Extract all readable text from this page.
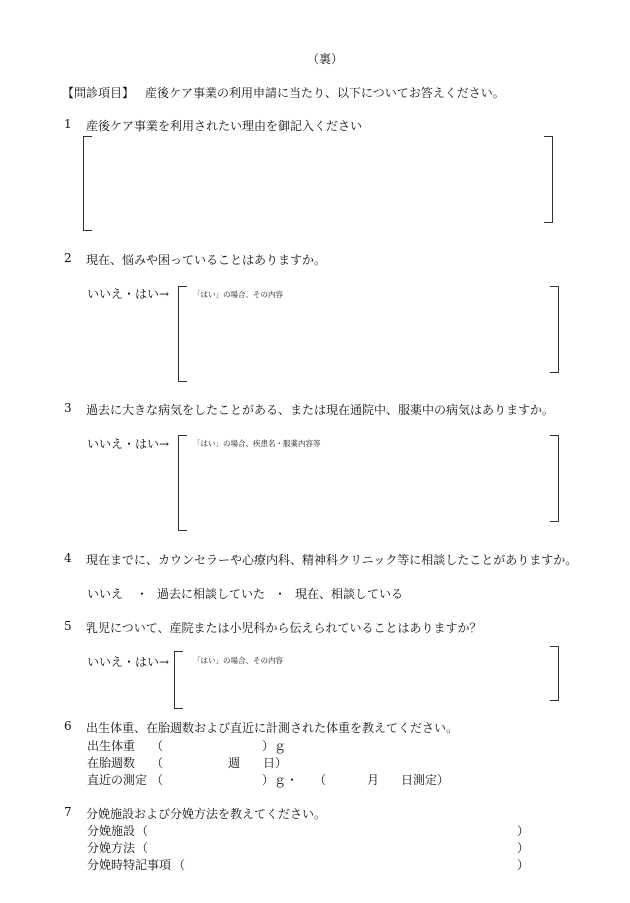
（裏）
【問診項目】 産後ケア事業の利用申請に当たり、以下についてお答えください。
1 産後ケア事業を利用されたい理由を御記入ください
2 現在、悩みや困っていることはありますか。
いいえ・はい→	「はい」の場合、その内容
3 過去に大きな病気をしたことがある、または現在通院中、服薬中の病気はありますか。
いいえ・はい→	「はい」の場合、疾患名・服薬内容等
4 現在までに、カウンセラーや心療内科、精神科クリニック等に相談したことがありますか。
いいえ ・ 過去に相談していた ・ 現在、相談している
5 乳児について、産院または小児科から伝えられていることはありますか？
いいえ・はい→	「はい」の場合、その内容
6 出生体重、在胎週数および直近に計測された体重を教えてください。
出生体重 （	）ｇ
在胎週数 （	週 日）
直近の測定 （	）ｇ・ （	月 日測定）
7 分娩施設および分娩方法を教えてください。
分娩施設 （	）
分娩方法 （	）
分娩時特記事項 （	）
